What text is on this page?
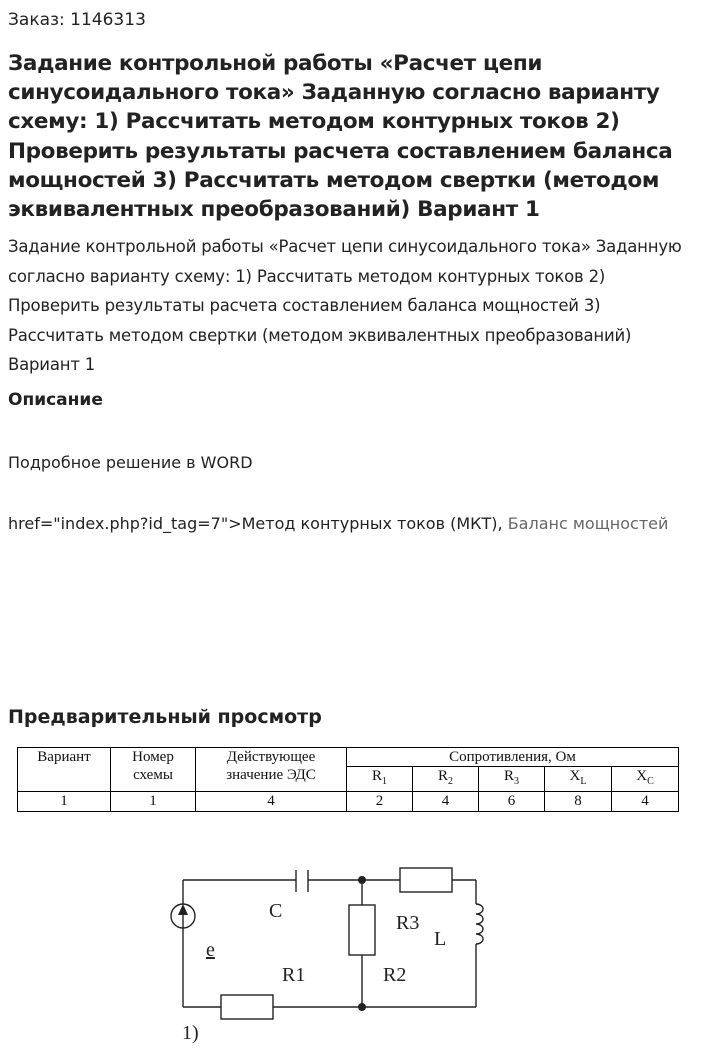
Заказ: 1146313
Задание контрольной работы «Расчет цепи синусоидального тока» Заданную согласно варианту схему: 1) Рассчитать методом контурных токов 2) Проверить результаты расчета составлением баланса мощностей 3) Рассчитать методом свертки (методом эквивалентных преобразований) Вариант 1

Задание контрольной работы «Расчет цепи синусоидального тока» Заданную согласно варианту схему: 1) Рассчитать методом контурных токов 2) Проверить результаты расчета составлением баланса мощностей 3) Рассчитать методом свертки (методом эквивалентных преобразований) Вариант 1

Описание
Подробное решение в WORD
href="index.php?id_tag=7">Метод контурных токов (МКТ), Баланс мощностей
Предварительный просмотр
Вариант	Номер схемы	Действующее значение ЭДС	Сопротивления, Ом				
			$R_1$	$R_2$	$R_3$	$X_L$	$X_C$
1	1	4	2	4	6	8	4
C
e
R1	R2
R3
L
1)
